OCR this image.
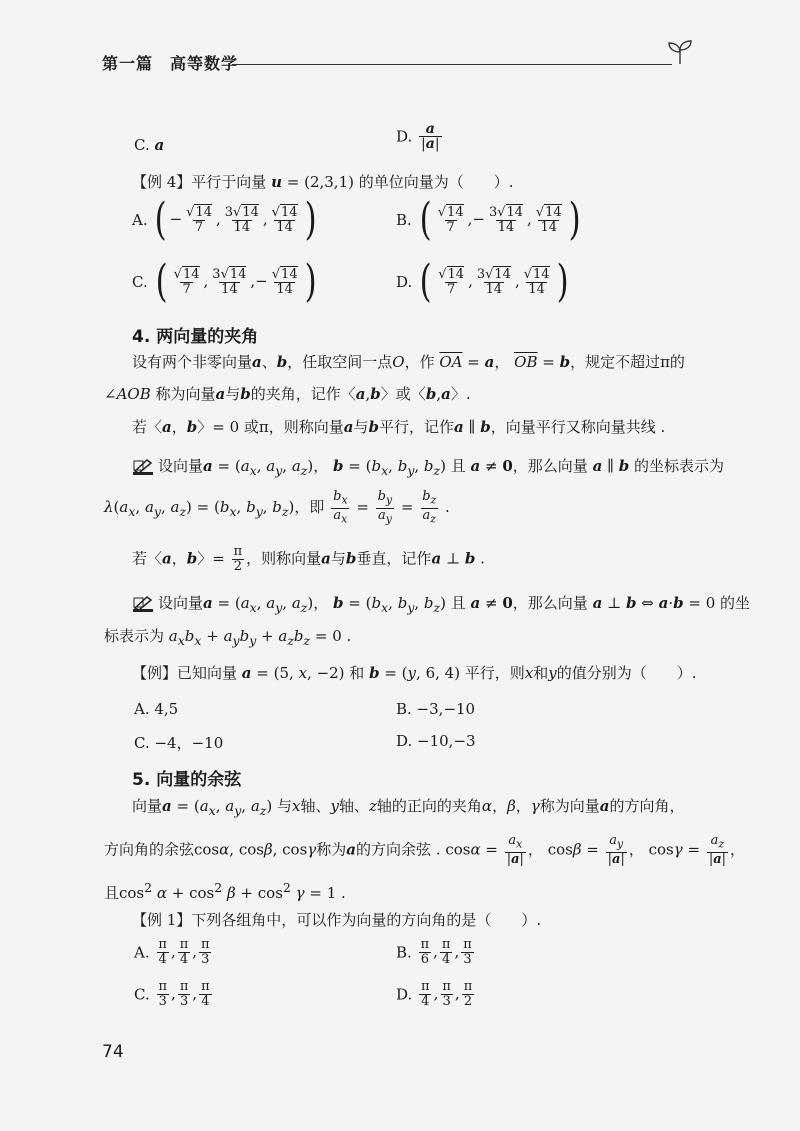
第一篇　高等数学
C. a	D. $\frac{a}{|a|}$
【例 4】平行于向量 u = (2,3,1) 的单位向量为（　　）.
A. ( − $\frac{√14}{7}$ , $\frac{3√14}{14}$ , $\frac{√14}{14}$ )	B. ( $\frac{√14}{7}$ ,− $\frac{3√14}{14}$ , $\frac{√14}{14}$ )
C. ( $\frac{√14}{7}$ , $\frac{3√14}{14}$ ,− $\frac{√14}{14}$ )	D. ( $\frac{√14}{7}$ , $\frac{3√14}{14}$ , $\frac{√14}{14}$ )
4. 两向量的夹角
设有两个非零向量a、b，任取空间一点O，作 $\overline{OA} = a$， $\overline{OB} = b$，规定不超过π的
∠AOB 称为向量a与b的夹角，记作〈a,b〉或〈b,a〉.
若〈a，b〉= 0 或π，则称向量a与b平行，记作a ∥ b，向量平行又称向量共线 .
设向量$a = (a_x$, $a_y$, $a_z$)， $b = (b_x$, $b_y$, $b_z$) 且 a ≠ 0，那么向量 a ∥ b 的坐标表示为
$\lambda(a_x$, $a_y$, $a_z) = (b_x$, $b_y$, $b_z$)，即 $\frac{b_x}{a_x} = \frac{b_y}{a_y} = \frac{b_z}{a_z}$ .
若〈a，b〉= $\frac{\pi}{2}$ ，则称向量a与b垂直，记作a ⊥ b .
设向量$a = (a_x$, $a_y$, $a_z$)， $b = (b_x$, $b_y$, $b_z$) 且 a ≠ 0，那么向量 a ⊥ b ⇔ a·b = 0 的坐
标表示为 $a_xb_x + a_yb_y + a_zb_z = 0$ .
【例】已知向量 a = (5, x, −2) 和 b = (y, 6, 4) 平行，则x和y的值分别为（　　）.
A. 4,5	B. −3,−10
C. −4，−10	D. −10,−3
5. 向量的余弦
向量$a = (a_x$, $a_y$, $a_z$) 与x轴、y轴、z轴的正向的夹角α，β，γ称为向量a的方向角，
方向角的余弦cosα, cosβ, cosγ称为a的方向余弦 . $\cos\alpha = \frac{a_x}{|a|}$ ， $\cos\beta = \frac{a_y}{|a|}$ ， $\cos\gamma = \frac{a_z}{|a|}$ ，
且$\cos^2 \alpha + \cos^2 \beta + \cos^2 \gamma = 1$ .
【例 1】下列各组角中，可以作为向量的方向角的是（　　）.
A. $\frac{\pi}{4}$ , $\frac{\pi}{4}$ , $\frac{\pi}{3}$	B. $\frac{\pi}{6}$ , $\frac{\pi}{4}$ , $\frac{\pi}{3}$
C. $\frac{\pi}{3}$ , $\frac{\pi}{3}$ , $\frac{\pi}{4}$	D. $\frac{\pi}{4}$ , $\frac{\pi}{3}$ , $\frac{\pi}{2}$
74
